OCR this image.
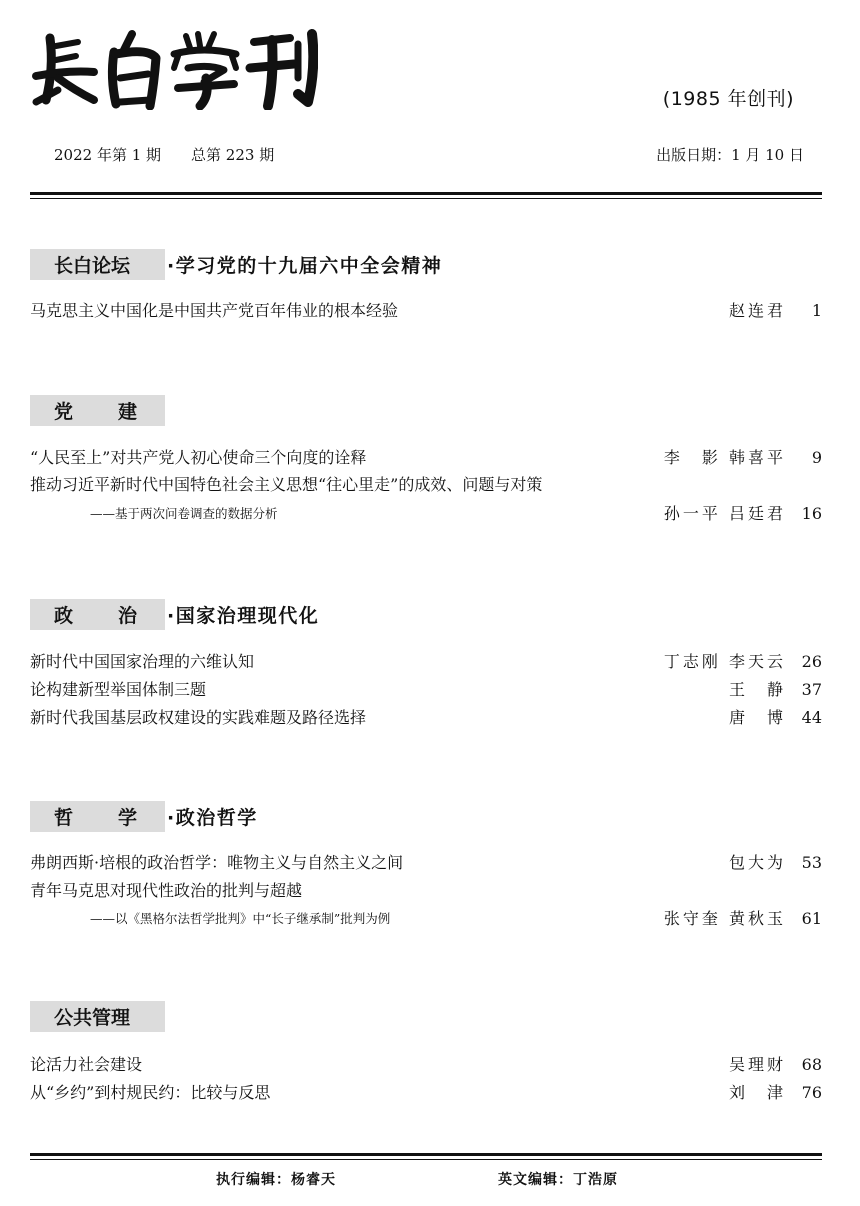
(1985 年创刊)
2022 年第 1 期 总第 223 期	出版日期：1 月 10 日
长白论坛 ·学习党的十九届六中全会精神
马克思主义中国化是中国共产党百年伟业的根本经验	赵连君	1
党 建
“人民至上”对共产党人初心使命三个向度的诠释	李　影 韩喜平	9
推动习近平新时代中国特色社会主义思想“往心里走”的成效、问题与对策
——基于两次问卷调查的数据分析	孙一平 吕廷君 16
政 治 ·国家治理现代化
新时代中国国家治理的六维认知	丁志刚 李天云 26
论构建新型举国体制三题	王　静 37
新时代我国基层政权建设的实践难题及路径选择	唐　博 44
哲 学 ·政治哲学
弗朗西斯·培根的政治哲学：唯物主义与自然主义之间	包大为 53
青年马克思对现代性政治的批判与超越
——以《黑格尔法哲学批判》中“长子继承制”批判为例	张守奎 黄秋玉 61
公共管理
论活力社会建设	吴理财 68
从“乡约”到村规民约：比较与反思	刘　津 76
执行编辑：杨睿天	英文编辑：丁浩原
